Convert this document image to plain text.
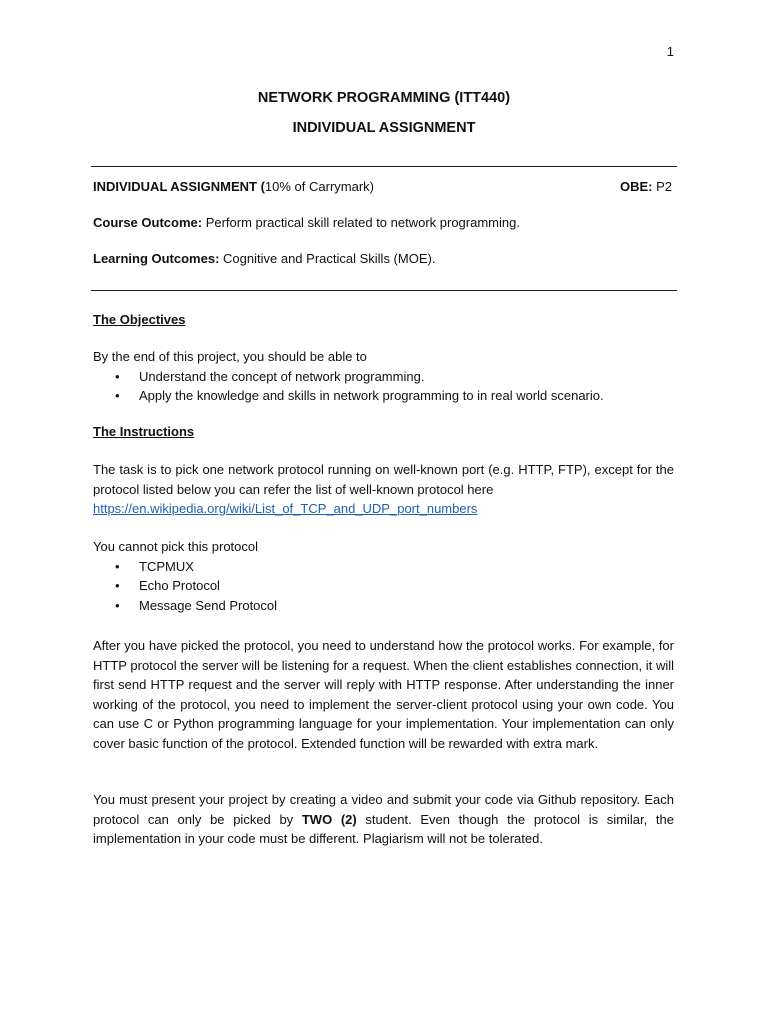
1
NETWORK PROGRAMMING (ITT440)
INDIVIDUAL ASSIGNMENT
INDIVIDUAL ASSIGNMENT (10% of Carrymark)	OBE: P2
Course Outcome: Perform practical skill related to network programming.
Learning Outcomes: Cognitive and Practical Skills (MOE).
The Objectives
By the end of this project, you should be able to
• Understand the concept of network programming.
• Apply the knowledge and skills in network programming to in real world scenario.
The Instructions
The task is to pick one network protocol running on well-known port (e.g. HTTP, FTP), except for the protocol listed below you can refer the list of well-known protocol here
https://en.wikipedia.org/wiki/List_of_TCP_and_UDP_port_numbers
You cannot pick this protocol
• TCPMUX
• Echo Protocol
• Message Send Protocol
After you have picked the protocol, you need to understand how the protocol works. For example, for HTTP protocol the server will be listening for a request. When the client establishes connection, it will first send HTTP request and the server will reply with HTTP response. After understanding the inner working of the protocol, you need to implement the server-client protocol using your own code. You can use C or Python programming language for your implementation. Your implementation can only cover basic function of the protocol. Extended function will be rewarded with extra mark.
You must present your project by creating a video and submit your code via Github repository. Each protocol can only be picked by TWO (2) student. Even though the protocol is similar, the implementation in your code must be different. Plagiarism will not be tolerated.
